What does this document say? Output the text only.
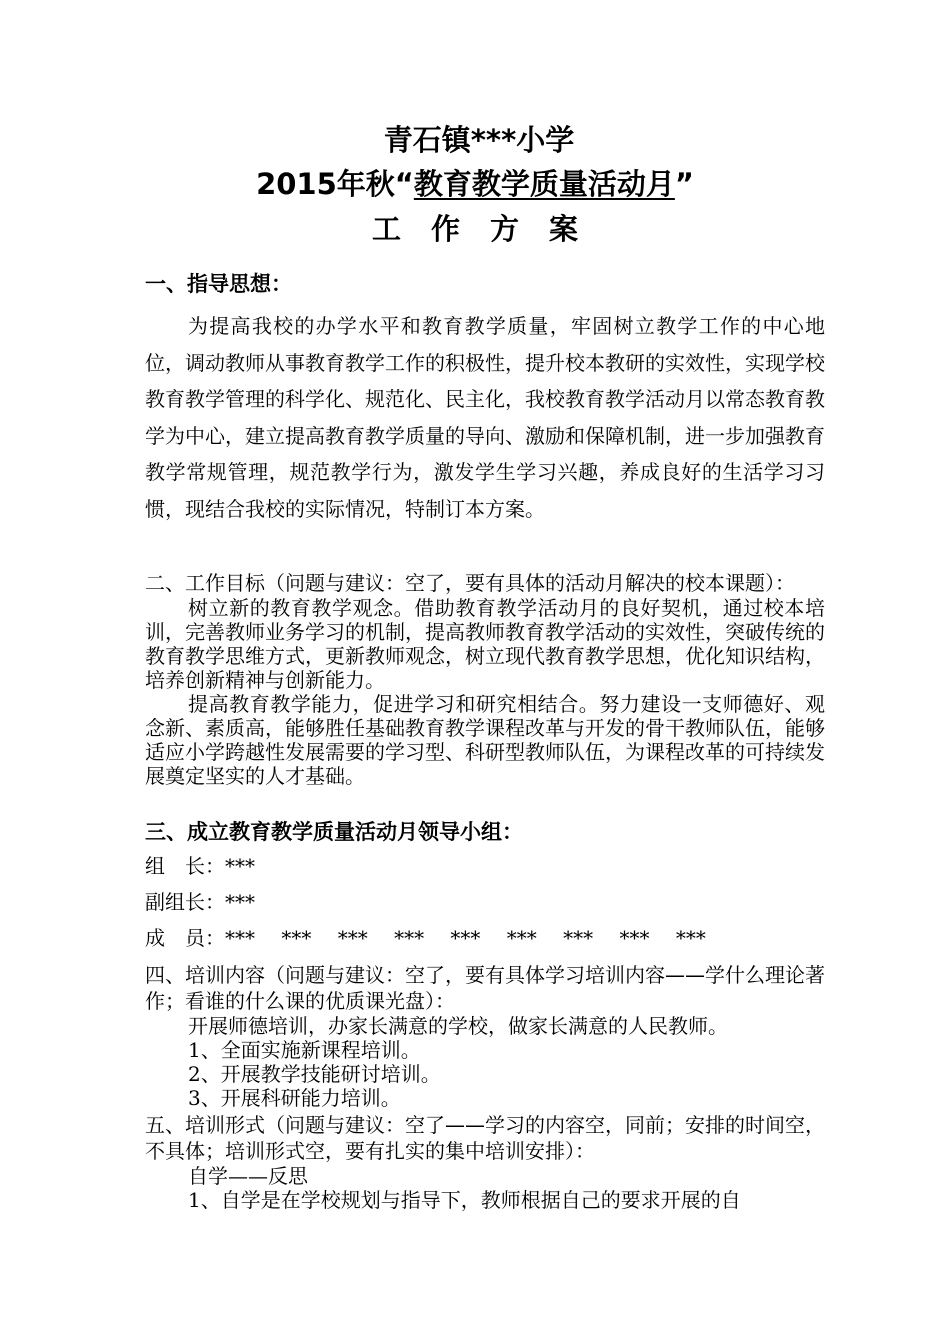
青石镇***小学
2015年秋“教育教学质量活动月”
工作方案
一、指导思想：

为提高我校的办学水平和教育教学质量，牢固树立教学工作的中心地位，调动教师从事教育教学工作的积极性，提升校本教研的实效性，实现学校教育教学管理的科学化、规范化、民主化，我校教育教学活动月以常态教育教学为中心，建立提高教育教学质量的导向、激励和保障机制，进一步加强教育教学常规管理，规范教学行为，激发学生学习兴趣，养成良好的生活学习习惯，现结合我校的实际情况，特制订本方案。

二、工作目标（问题与建议：空了，要有具体的活动月解决的校本课题）：

树立新的教育教学观念。借助教育教学活动月的良好契机，通过校本培训，完善教师业务学习的机制，提高教师教育教学活动的实效性，突破传统的教育教学思维方式，更新教师观念，树立现代教育教学思想，优化知识结构，培养创新精神与创新能力。

提高教育教学能力，促进学习和研究相结合。努力建设一支师德好、观念新、素质高，能够胜任基础教育教学课程改革与开发的骨干教师队伍，能够适应小学跨越性发展需要的学习型、科研型教师队伍，为课程改革的可持续发展奠定坚实的人才基础。

三、成立教育教学质量活动月领导小组：
组　长：***
副组长：***
成　员：***　 ***　 ***　 ***　 ***　 ***　 ***　 ***　 ***
四、培训内容（问题与建议：空了，要有具体学习培训内容——学什么理论著作；看谁的什么课的优质课光盘）：
开展师德培训，办家长满意的学校，做家长满意的人民教师。
1、全面实施新课程培训。
2、开展教学技能研讨培训。
3、开展科研能力培训。
五、培训形式（问题与建议：空了——学习的内容空，同前；安排的时间空，不具体；培训形式空，要有扎实的集中培训安排）：
自学——反思
1、自学是在学校规划与指导下，教师根据自己的要求开展的自
